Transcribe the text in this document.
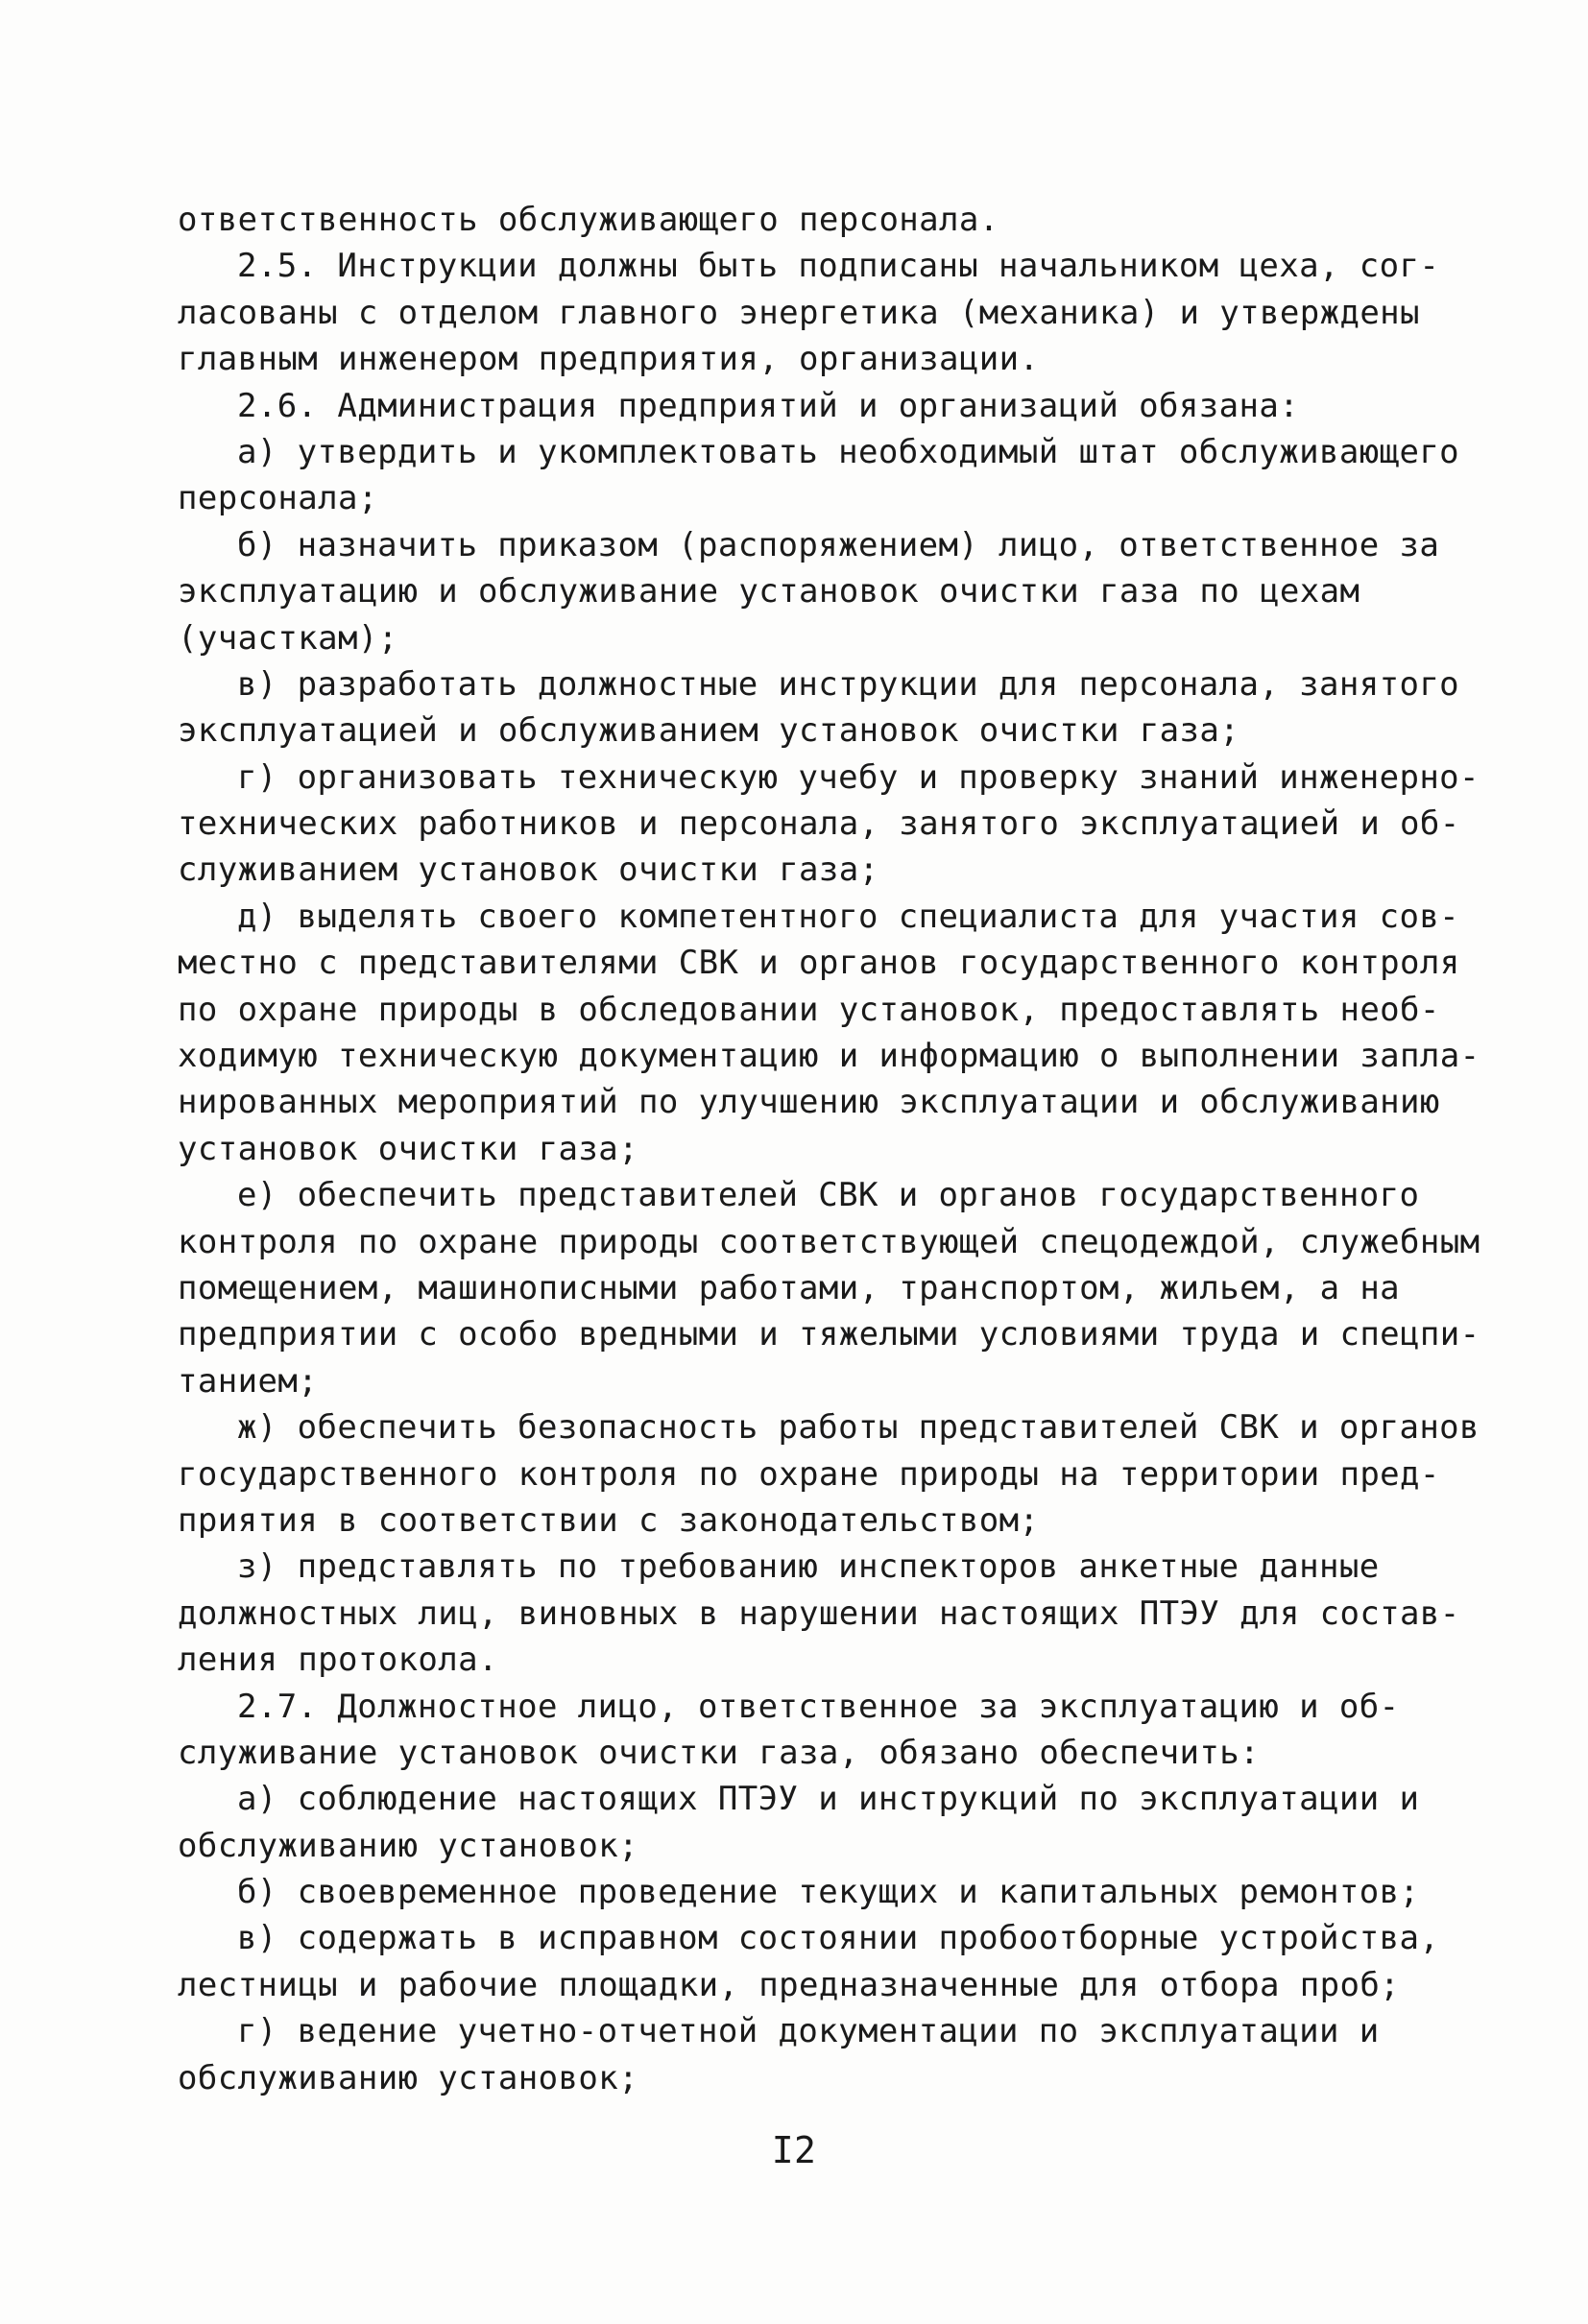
ответственность обслуживающего персонала.
2.5. Инструкции должны быть подписаны начальником цеха, сог-
ласованы с отделом главного энергетика (механика) и утверждены
главным инженером предприятия, организации.
2.6. Администрация предприятий и организаций обязана:
а) утвердить и укомплектовать необходимый штат обслуживающего
персонала;
б) назначить приказом (распоряжением) лицо, ответственное за
эксплуатацию и обслуживание установок очистки газа по цехам
(участкам);
в) разработать должностные инструкции для персонала, занятого
эксплуатацией и обслуживанием установок очистки газа;
г) организовать техническую учебу и проверку знаний инженерно-
технических работников и персонала, занятого эксплуатацией и об-
служиванием установок очистки газа;
д) выделять своего компетентного специалиста для участия сов-
местно с представителями СВК и органов государственного контроля
по охране природы в обследовании установок, предоставлять необ-
ходимую техническую документацию и информацию о выполнении запла-
нированных мероприятий по улучшению эксплуатации и обслуживанию
установок очистки газа;
е) обеспечить представителей СВК и органов государственного
контроля по охране природы соответствующей спецодеждой, служебным
помещением, машинописными работами, транспортом, жильем, а на
предприятии с особо вредными и тяжелыми условиями труда и спецпи-
танием;
ж) обеспечить безопасность работы представителей СВК и органов
государственного контроля по охране природы на территории пред-
приятия в соответствии с законодательством;
з) представлять по требованию инспекторов анкетные данные
должностных лиц, виновных в нарушении настоящих ПТЭУ для состав-
ления протокола.
2.7. Должностное лицо, ответственное за эксплуатацию и об-
служивание установок очистки газа, обязано обеспечить:
а) соблюдение настоящих ПТЭУ и инструкций по эксплуатации и
обслуживанию установок;
б) своевременное проведение текущих и капитальных ремонтов;
в) содержать в исправном состоянии пробоотборные устройства,
лестницы и рабочие площадки, предназначенные для отбора проб;
г) ведение учетно-отчетной документации по эксплуатации и
обслуживанию установок;
I2
